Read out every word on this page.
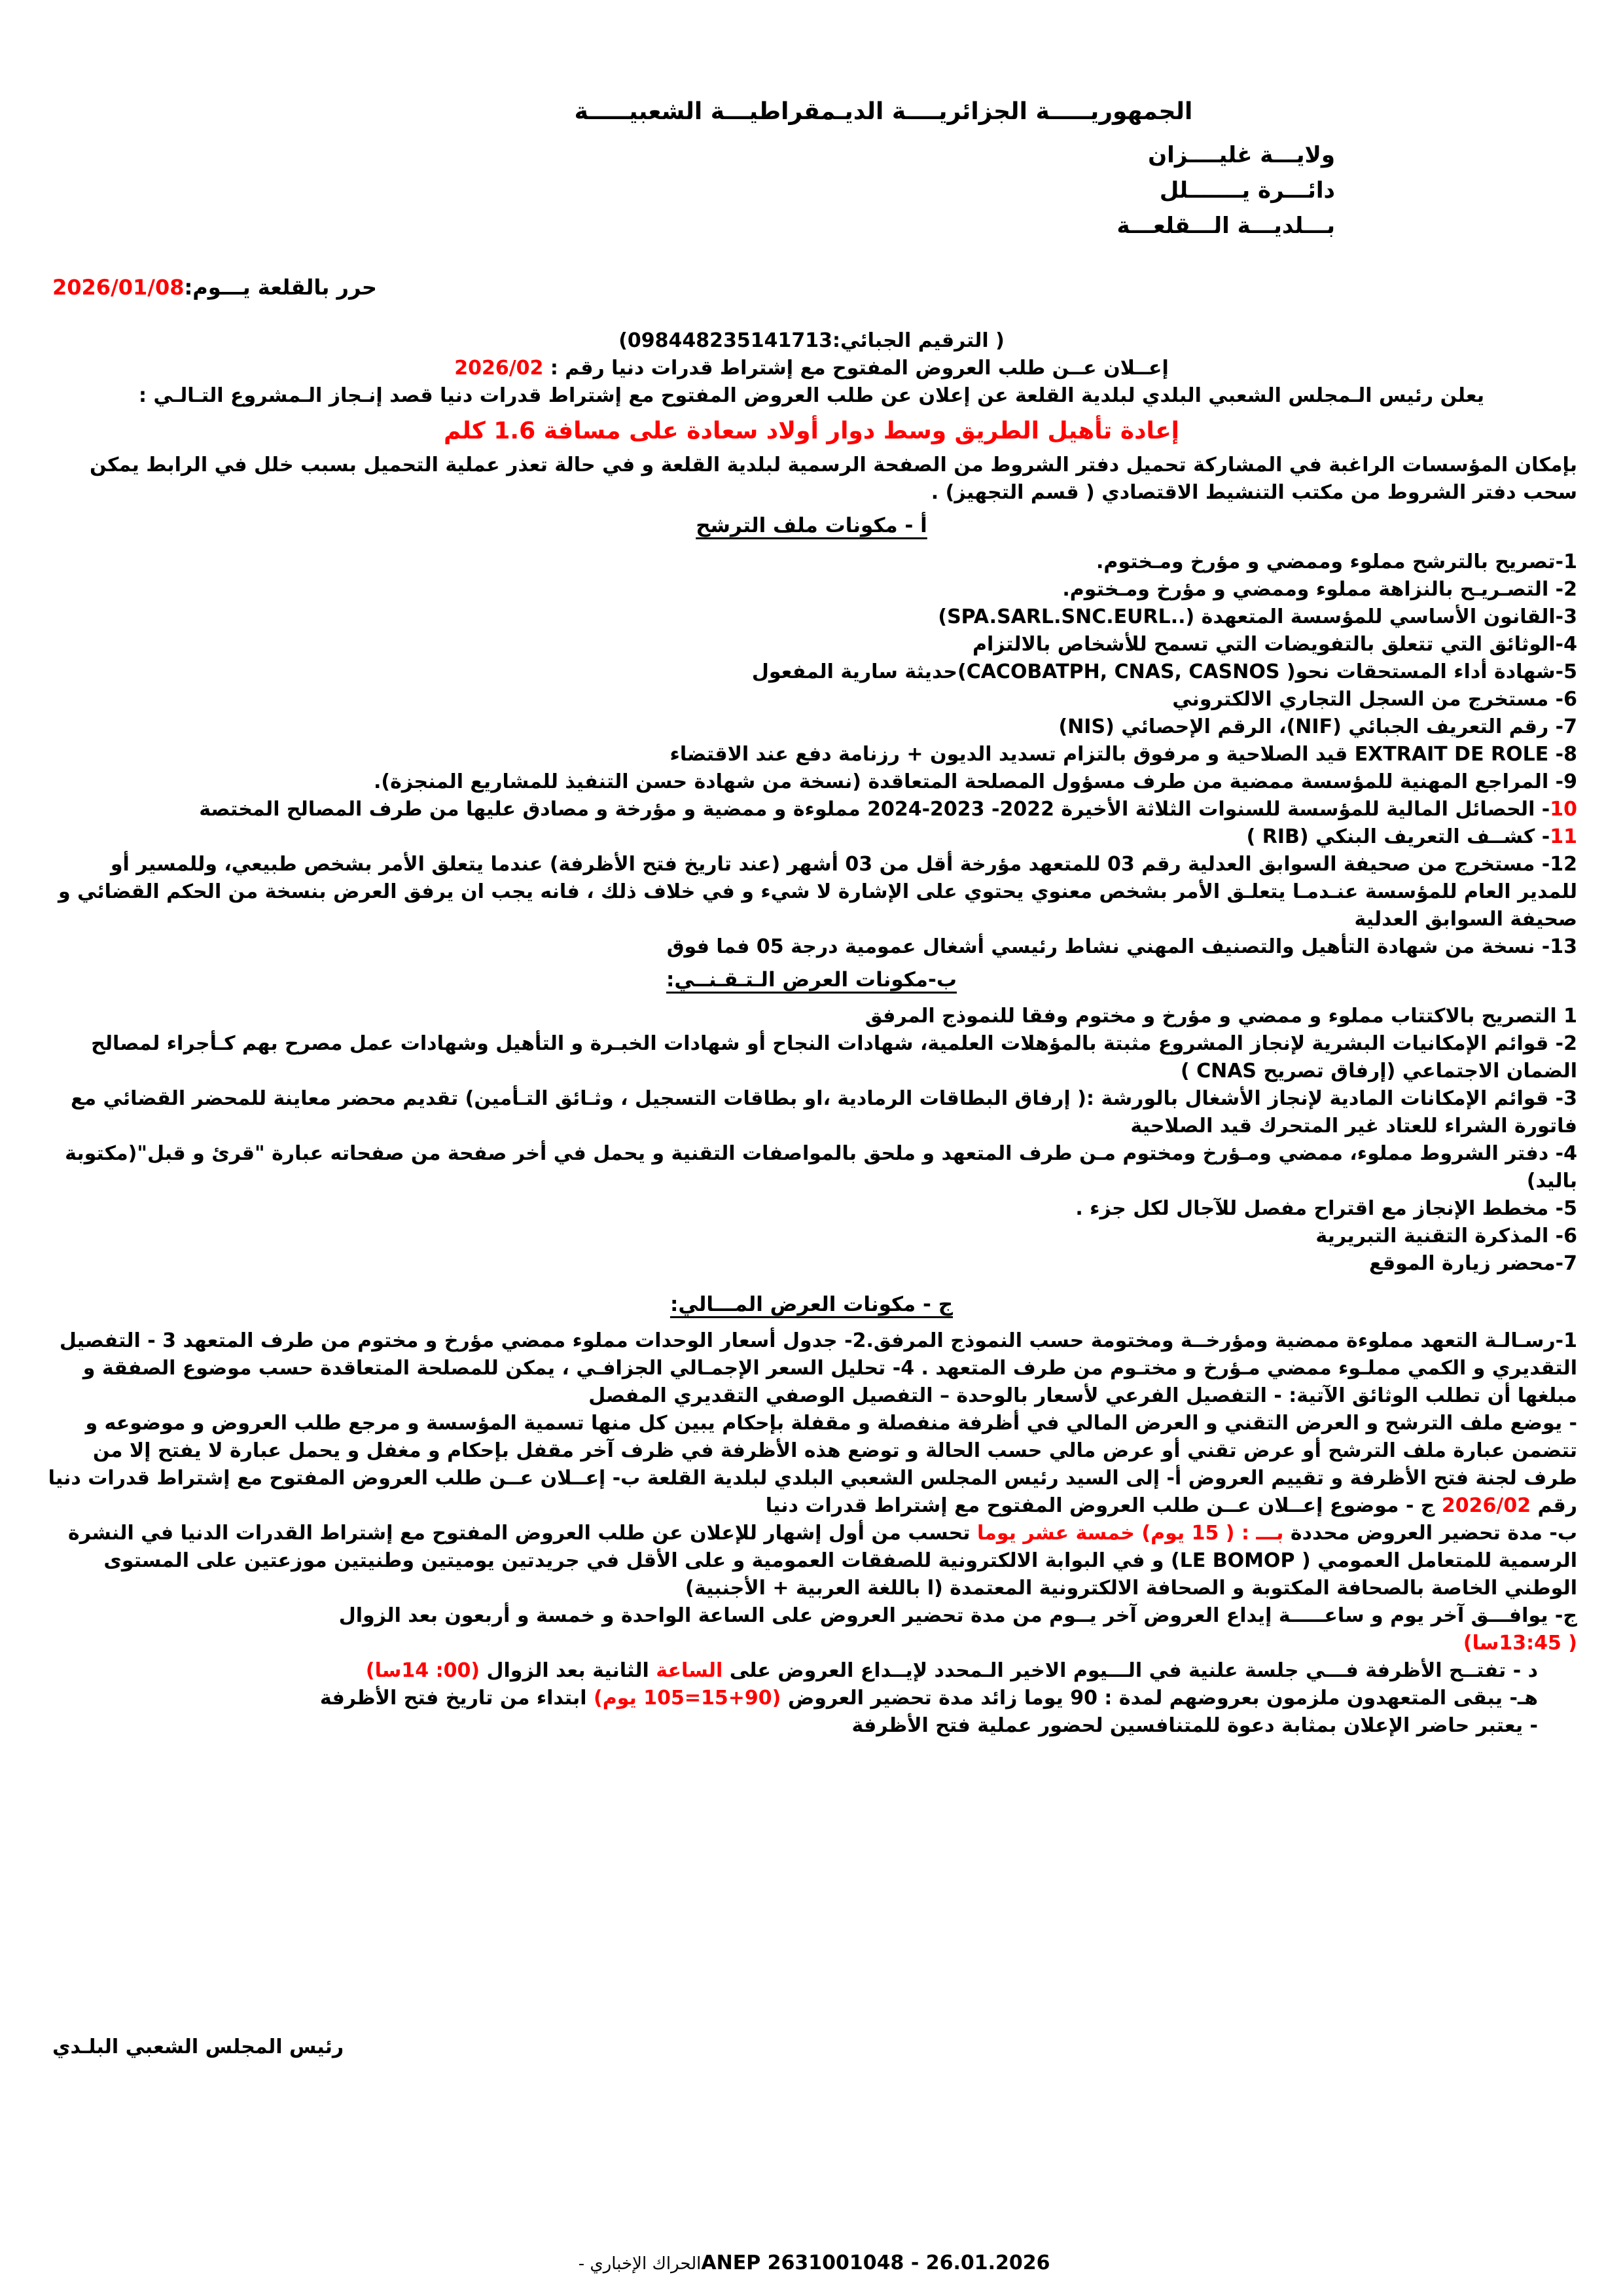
الجمهوريـــــة الجزائريــــة الديـمقراطيـــة الشعبيـــــة
ولايـــة غليــــزان
دائـــرة يـــــــلل
بـــلديـــة الـــقلعـــة
حرر بالقلعة يـــوم:2026/01/08
( الترقيم الجبائي:098448235141713)
إعــلان عــن طلب العروض المفتوح مع إشتراط قدرات دنيا رقم : 2026/02
يعلن رئيس الـمجلس الشعبي البلدي لبلدية القلعة عن إعلان عن طلب العروض المفتوح مع إشتراط قدرات دنيا قصد إنـجاز الـمشروع التـالـي :
إعادة تأهيل الطريق وسط دوار أولاد سعادة على مسافة 1.6 كلم

بإمكان المؤسسات الراغبة في المشاركة تحميل دفتر الشروط من الصفحة الرسمية لبلدية القلعة و في حالة تعذر عملية التحميل بسبب خلل في الرابط يمكن سحب دفتر الشروط من مكتب التنشيط الاقتصادي ( قسم التجهيز) .

أ - مكونات ملف الترشح

1-تصريح بالترشح مملوء وممضي و مؤرخ ومـختوم.

2- التصـريـح بالنزاهة مملوء وممضي و مؤرخ ومـختوم.

3-القانون الأساسي للمؤسسة المتعهدة (..SPA.SARL.SNC.EURL)

4-الوثائق التي تتعلق بالتفويضات التي تسمح للأشخاص بالالتزام

5-شهادة أداء المستحقات نحو( CACOBATPH, CNAS, CASNOS)حديثة سارية المفعول

6- مستخرج من السجل التجاري الالكتروني

7- رقم التعريف الجبائي (NIF)، الرقم الإحصائي (NIS)

8- EXTRAIT DE ROLE قيد الصلاحية و مرفوق بالتزام تسديد الديون + رزنامة دفع عند الاقتضاء

9- المراجع المهنية للمؤسسة ممضية من طرف مسؤول المصلحة المتعاقدة (نسخة من شهادة حسن التنفيذ للمشاريع المنجزة).

10- الحصائل المالية للمؤسسة للسنوات الثلاثة الأخيرة 2022- 2023-2024 مملوءة و ممضية و مؤرخة و مصادق عليها من طرف المصالح المختصة

11- كشــف التعريف البنكي (RIB )

12- مستخرج من صحيفة السوابق العدلية رقم 03 للمتعهد مؤرخة أقل من 03 أشهر (عند تاريخ فتح الأظرفة) عندما يتعلق الأمر بشخص طبيعي، وللمسير أو للمدير العام للمؤسسة عنـدمـا يتعلـق الأمر بشخص معنوي يحتوي على الإشارة لا شيء و في خلاف ذلك ، فانه يجب ان يرفق العرض بنسخة من الحكم القضائي و صحيفة السوابق العدلية

13- نسخة من شهادة التأهيل والتصنيف المهني نشاط رئيسي أشغال عمومية درجة 05 فما فوق

ب-مكونات العرض الـتـقـنــي:

1 التصريح بالاكتتاب مملوء و ممضي و مؤرخ و مختوم وفقا للنموذج المرفق

2- قوائم الإمكانيات البشرية لإنجاز المشروع مثبتة بالمؤهلات العلمية، شهادات النجاح أو شهادات الخبـرة و التأهيل وشهادات عمل مصرح بهم كـأجراء لمصالح الضمان الاجتماعي (إرفاق تصريح CNAS )

3- قوائم الإمكانات المادية لإنجاز الأشغال بالورشة :( إرفاق البطاقات الرمادية ،او بطاقات التسجيل ، وثـائق التـأمين) تقديم محضر معاينة للمحضر القضائي مع فاتورة الشراء للعتاد غير المتحرك قيد الصلاحية

4- دفتر الشروط مملوء، ممضي ومـؤرخ ومختوم مـن طرف المتعهد و ملحق بالمواصفات التقنية و يحمل في أخر صفحة من صفحاته عبارة "قرئ و قبل"(مكتوبة باليد)

5- مخطط الإنجاز مع اقتراح مفصل للآجال لكل جزء .

6- المذكرة التقنية التبريرية

7-محضر زيارة الموقع

ج - مكونات العرض المـــالي:

1-رسـالـة التعهد مملوءة ممضية ومؤرخــة ومختومة حسب النموذج المرفق.2- جدول أسعار الوحدات مملوء ممضي مؤرخ و مختوم من طرف المتعهد 3 - التفصيل التقديري و الكمي مملـوء ممضي مـؤرخ و مختـوم من طرف المتعهد . 4- تحليل السعر الإجمـالي الجزافـي ، يمكن للمصلحة المتعاقدة حسب موضوع الصفقة و مبلغها أن تطلب الوثائق الآتية: - التفصيل الفرعي لأسعار بالوحدة – التفصيل الوصفي التقديري المفصل

- يوضع ملف الترشح و العرض التقني و العرض المالي في أظرفة منفصلة و مقفلة بإحكام يبين كل منها تسمية المؤسسة و مرجع طلب العروض و موضوعه و تتضمن عبارة ملف الترشح أو عرض تقني أو عرض مالي حسب الحالة و توضع هذه الأظرفة في ظرف آخر مقفل بإحكام و مغفل و يحمل عبارة لا يفتح إلا من طرف لجنة فتح الأظرفة و تقييم العروض أ- إلى السيد رئيس المجلس الشعبي البلدي لبلدية القلعة ب- إعــلان عــن طلب العروض المفتوح مع إشتراط قدرات دنيا رقم 2026/02 ج - موضوع إعــلان عــن طلب العروض المفتوح مع إشتراط قدرات دنيا

ب- مدة تحضير العروض محددة بـــ : ( 15 يوم) خمسة عشر يوما تحسب من أول إشهار للإعلان عن طلب العروض المفتوح مع إشتراط القدرات الدنيا في النشرة الرسمية للمتعامل العمومي ( LE BOMOP) و في البوابة الالكترونية للصفقات العمومية و على الأقل في جريدتين يوميتين وطنيتين موزعتين على المستوى الوطني الخاصة بالصحافة المكتوبة و الصحافة الالكترونية المعتمدة (ا باللغة العربية + الأجنبية)

ج- يوافـــق آخر يوم و ساعـــــة إيداع العروض آخر يــوم من مدة تحضير العروض على الساعة الواحدة و خمسة و أربعون بعد الزوال
( 13:45سا)

د - تفتــح الأظرفة فـــي جلسة علنية في الـــيوم الاخير الـمحدد لإيــداع العروض على الساعة الثانية بعد الزوال (00: 14سا)

هـ- يبقى المتعهدون ملزمون بعروضهم لمدة : 90 يوما زائد مدة تحضير العروض (90+15=105 يوم) ابتداء من تاريخ فتح الأظرفة

- يعتبر حاضر الإعلان بمثابة دعوة للمتنافسين لحضور عملية فتح الأظرفة

رئيس المجلس الشعبي البلـدي
الحراك الإخباري - ANEP 2631001048 - 26.01.2026
